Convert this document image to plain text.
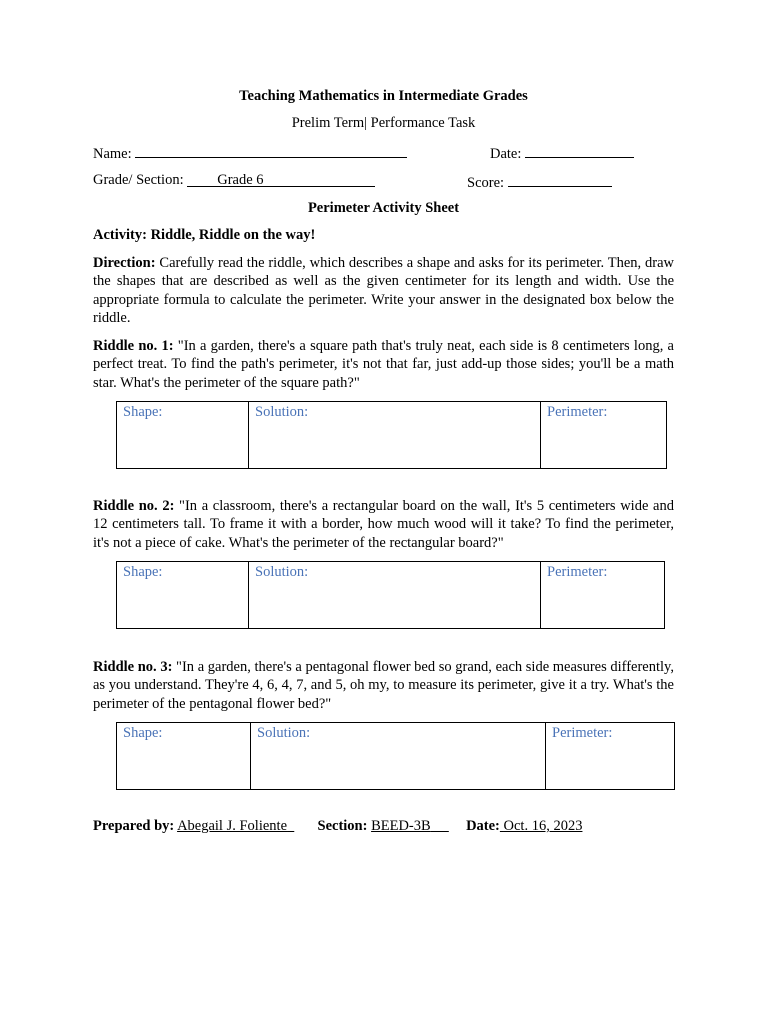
Teaching Mathematics in Intermediate Grades
Prelim Term| Performance Task
Name:	Date:
Grade/ Section: Grade 6	Score:
Perimeter Activity Sheet
Activity: Riddle, Riddle on the way!
Direction: Carefully read the riddle, which describes a shape and asks for its perimeter. Then, draw the shapes that are described as well as the given centimeter for its length and width. Use the appropriate formula to calculate the perimeter. Write your answer in the designated box below the riddle.
Riddle no. 1: "In a garden, there's a square path that's truly neat, each side is 8 centimeters long, a perfect treat. To find the path's perimeter, it's not that far, just add-up those sides; you'll be a math star. What's the perimeter of the square path?"
Shape:	Solution:	Perimeter:
Riddle no. 2: "In a classroom, there's a rectangular board on the wall, It's 5 centimeters wide and 12 centimeters tall. To frame it with a border, how much wood will it take? To find the perimeter, it's not a piece of cake. What's the perimeter of the rectangular board?"
Shape:	Solution:	Perimeter:
Riddle no. 3: "In a garden, there's a pentagonal flower bed so grand, each side measures differently, as you understand. They're 4, 6, 4, 7, and 5, oh my, to measure its perimeter, give it a try. What's the perimeter of the pentagonal flower bed?"
Shape:	Solution:	Perimeter:
Prepared by: Abegail J. Foliente Section: BEED-3B Date: Oct. 16, 2023
